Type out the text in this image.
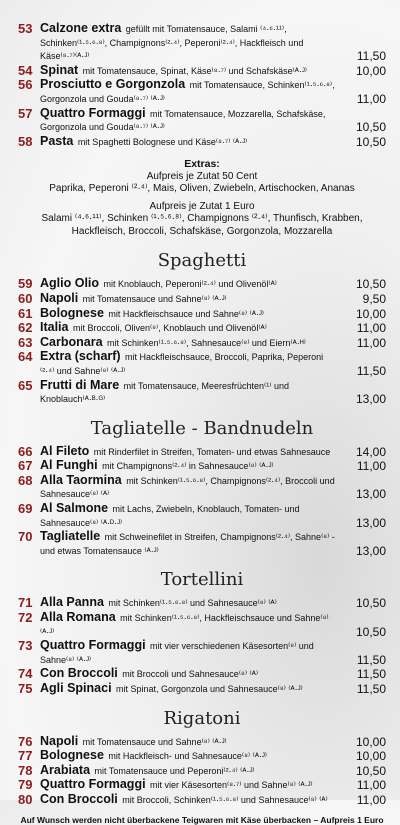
53 Calzone extra gefüllt mit Tomatensauce, Salami ⁽⁴·⁶·¹¹⁾, Schinken⁽¹·⁵·⁶·⁸⁾, Champignons⁽²·⁴⁾, Peperoni⁽²·⁴⁾, Hackfleisch und Käse⁽⁸·⁷⁾⁽ᴬ·ᴶ⁾	11,50
54 Spinat mit Tomatensauce, Spinat, Käse⁽⁸·⁷⁾ und Schafskäse⁽ᴬ·ᴶ⁾	10,00
56 Prosciutto e Gorgonzola mit Tomatensauce, Schinken⁽¹·⁵·⁶·⁸⁾, Gorgonzola und Gouda⁽⁸·⁷⁾ ⁽ᴬ·ᴶ⁾	11,00
57 Quattro Formaggi mit Tomatensauce, Mozzarella, Schafskäse, Gorgonzola und Gouda⁽⁸·⁷⁾ ⁽ᴬ·ᴶ⁾	10,50
58 Pasta mit Spaghetti Bolognese und Käse⁽⁸·⁷⁾ ⁽ᴬ·ᴶ⁾	10,50
Extras:
Aufpreis je Zutat 50 Cent
Paprika, Peperoni ⁽²·⁴⁾, Mais, Oliven, Zwiebeln, Artischocken, Ananas
Aufpreis je Zutat 1 Euro
Salami ⁽⁴·⁶·¹¹⁾, Schinken ⁽¹·⁵·⁶·⁸⁾, Champignons ⁽²·⁴⁾, Thunfisch, Krabben,
Hackfleisch, Broccoli, Schafskäse, Gorgonzola, Mozzarella
Spaghetti
59 Aglio Olio mit Knoblauch, Peperoni⁽²·⁴⁾ und Olivenöl⁽ᴬ⁾	10,50
60 Napoli mit Tomatensauce und Sahne⁽⁸⁾ ⁽ᴬ·ᴶ⁾	9,50
61 Bolognese mit Hackfleischsauce und Sahne⁽⁸⁾ ⁽ᴬ·ᴶ⁾	10,00
62 Italia mit Broccoli, Oliven⁽⁹⁾, Knoblauch und Olivenöl⁽ᴬ⁾	11,00
63 Carbonara mit Schinken⁽¹·⁵·⁶·⁸⁾, Sahnesauce⁽⁸⁾ und Eiern⁽ᴬ·ᴴ⁾	11,00
64 Extra (scharf) mit Hackfleischsauce, Broccoli, Paprika, Peperoni ⁽²·⁴⁾ und Sahne⁽⁸⁾ ⁽ᴬ·ᴶ⁾	11,50
65 Frutti di Mare mit Tomatensauce, Meeresfrüchten⁽¹⁾ und Knoblauch⁽ᴬ·ᴮ·ᴳ⁾	13,00
Tagliatelle - Bandnudeln
66 Al Fileto mit Rinderfilet in Streifen, Tomaten- und etwas Sahnesauce	14,00
67 Al Funghi mit Champignons⁽²·⁴⁾ in Sahnesauce⁽⁸⁾ ⁽ᴬ·ᴶ⁾	11,00
68 Alla Taormina mit Schinken⁽¹·⁵·⁶·⁸⁾, Champignons⁽²·⁴⁾, Broccoli und Sahnesauce⁽⁸⁾ ⁽ᴬ⁾	13,00
69 Al Salmone mit Lachs, Zwiebeln, Knoblauch, Tomaten- und Sahnesauce⁽⁸⁾ ⁽ᴬ·ᴰ·ᴶ⁾	13,00
70 Tagliatelle mit Schweinefilet in Streifen, Champignons⁽²·⁴⁾, Sahne⁽⁸⁾ - und etwas Tomatensauce ⁽ᴬ·ᴶ⁾	13,00
Tortellini
71 Alla Panna mit Schinken⁽¹·⁵·⁶·⁸⁾ und Sahnesauce⁽⁸⁾ ⁽ᴬ⁾	10,50
72 Alla Romana mit Schinken⁽¹·⁵·⁶·⁸⁾, Hackfleischsauce und Sahne⁽⁸⁾ ⁽ᴬ·ᴶ⁾	10,50
73 Quattro Formaggi mit vier verschiedenen Käsesorten⁽⁸⁾ und Sahne⁽⁸⁾ ⁽ᴬ·ᴶ⁾	11,50
74 Con Broccoli mit Broccoli und Sahnesauce⁽⁸⁾ ⁽ᴬ⁾	11,50
75 Agli Spinaci mit Spinat, Gorgonzola und Sahnesauce⁽⁸⁾ ⁽ᴬ·ᴶ⁾	11,50
Rigatoni
76 Napoli mit Tomatensauce und Sahne⁽⁸⁾ ⁽ᴬ·ᴶ⁾	10,00
77 Bolognese mit Hackfleisch- und Sahnesauce⁽⁸⁾ ⁽ᴬ·ᴶ⁾	10,00
78 Arabiata mit Tomatensauce und Peperoni⁽²·⁴⁾ ⁽ᴬ·ᴶ⁾	10,50
79 Quattro Formaggi mit vier Käsesorten⁽⁸·⁷⁾ und Sahne⁽⁸⁾ ⁽ᴬ·ᴶ⁾	11,00
80 Con Broccoli mit Broccoli, Schinken⁽¹·⁵·⁶·⁸⁾ und Sahnesauce⁽⁸⁾ ⁽ᴬ⁾	11,00
Auf Wunsch werden nicht überbackene Teigwaren mit Käse überbacken – Aufpreis 1 Euro
